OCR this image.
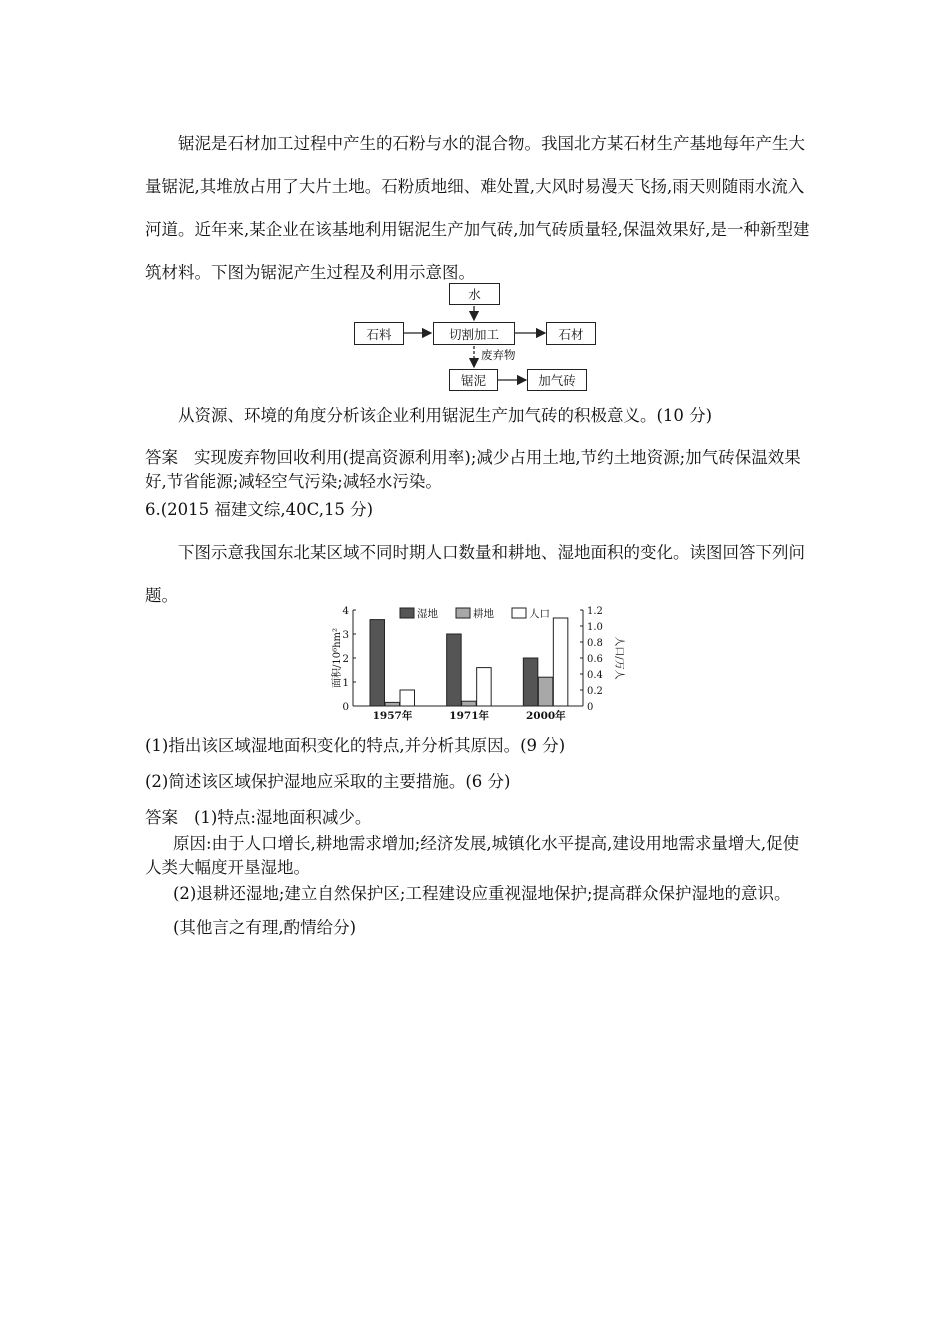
锯泥是石材加工过程中产生的石粉与水的混合物。我国北方某石材生产基地每年产生大量锯泥,其堆放占用了大片土地。石粉质地细、难处置,大风时易漫天飞扬,雨天则随雨水流入河道。近年来,某企业在该基地利用锯泥生产加气砖,加气砖质量轻,保温效果好,是一种新型建筑材料。下图为锯泥产生过程及利用示意图。
废弃物
水
石料	切割加工	石材
锯泥	加气砖
从资源、环境的角度分析该企业利用锯泥生产加气砖的积极意义。(10 分)
答案 实现废弃物回收利用(提高资源利用率);减少占用土地,节约土地资源;加气砖保温效果好,节省能源;减轻空气污染;减轻水污染。
6.(2015 福建文综,40C,15 分)
下图示意我国东北某区域不同时期人口数量和耕地、湿地面积的变化。读图回答下列问题。
0
1
2
3
4
0
0.2
0.4
0.6
0.8
1.0
1.2
1957年	1971年	2000年
面积/10⁶hm²	人口/万人
湿地	耕地	人口
(1)指出该区域湿地面积变化的特点,并分析其原因。(9 分)
(2)简述该区域保护湿地应采取的主要措施。(6 分)
答案 (1)特点:湿地面积减少。
原因:由于人口增长,耕地需求增加;经济发展,城镇化水平提高,建设用地需求量增大,促使人类大幅度开垦湿地。
(2)退耕还湿地;建立自然保护区;工程建设应重视湿地保护;提高群众保护湿地的意识。
(其他言之有理,酌情给分)
